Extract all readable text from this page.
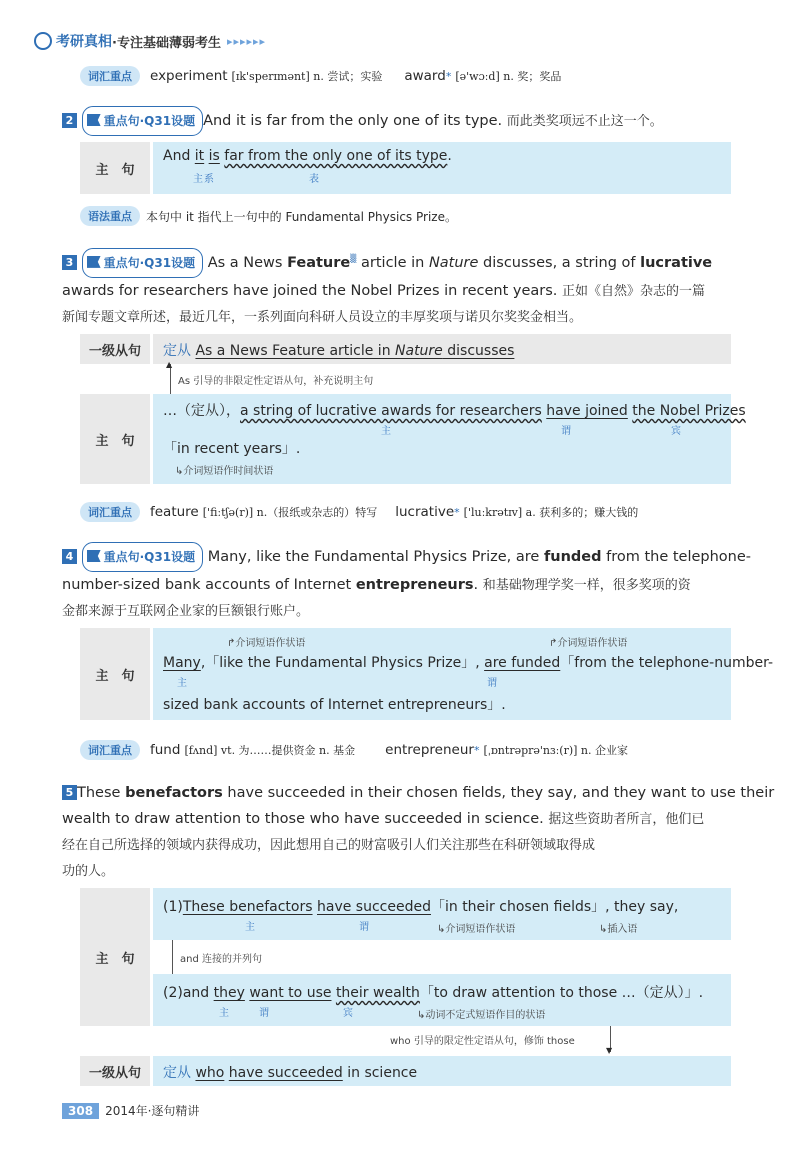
考研真相 ·专注基础薄弱考生 ▸▸▸▸▸▸
词汇重点	experiment [ɪk'sperɪmənt] n. 尝试；实验 award * [ə'wɔːd] n. 奖；奖品
2	重点句·Q31设题 And it is far from the only one of its type. 而此类奖项远不止这一个。
主　句
And it is far from the only one of its type.
主系	表
语法重点	本句中 it 指代上一句中的 Fundamental Physics Prize。
3	重点句·Q31设题 As a News Feature▒ article in Nature discusses, a string of lucrative
awards for researchers have joined the Nobel Prizes in recent years. 正如《自然》杂志的一篇
新闻专题文章所述，最近几年，一系列面向科研人员设立的丰厚奖项与诺贝尔奖奖金相当。
一级从句 定从 As a News Feature article in Nature discusses
▲
As 引导的非限定性定语从句，补充说明主句
主　句
…（定从），a string of lucrative awards for researchers have joined the Nobel Prizes
主	谓	宾
「in recent years」.
↳介词短语作时间状语
词汇重点	feature ['fiːtʃə(r)] n.（报纸或杂志的）特写 lucrative * ['luːkrətɪv] a. 获利多的；赚大钱的
4	重点句·Q31设题 Many, like the Fundamental Physics Prize, are funded from the telephone-
number-sized bank accounts of Internet entrepreneurs. 和基础物理学奖一样，很多奖项的资
金都来源于互联网企业家的巨额银行账户。
主　句
↱介词短语作状语	↱介词短语作状语
Many,「like the Fundamental Physics Prize」, are funded「from the telephone-number-
主	谓
sized bank accounts of Internet entrepreneurs」.
词汇重点	fund [fʌnd] vt. 为……提供资金 n. 基金 entrepreneur * [ˌɒntrəprə'nɜː(r)] n. 企业家
5 These benefactors have succeeded in their chosen fields, they say, and they want to use their
wealth to draw attention to those who have succeeded in science. 据这些资助者所言，他们已
经在自己所选择的领域内获得成功，因此想用自己的财富吸引人们关注那些在科研领域取得成
功的人。
主　句
(1)These benefactors have succeeded「in their chosen fields」, they say,
主	谓	↳介词短语作状语	↳插入语
and 连接的并列句
(2)and they want to use their wealth「to draw attention to those …（定从）」.
主	谓	宾	↳动词不定式短语作目的状语
▼
who 引导的限定性定语从句，修饰 those
一级从句 定从 who have succeeded in science
308	2014年·逐句精讲
